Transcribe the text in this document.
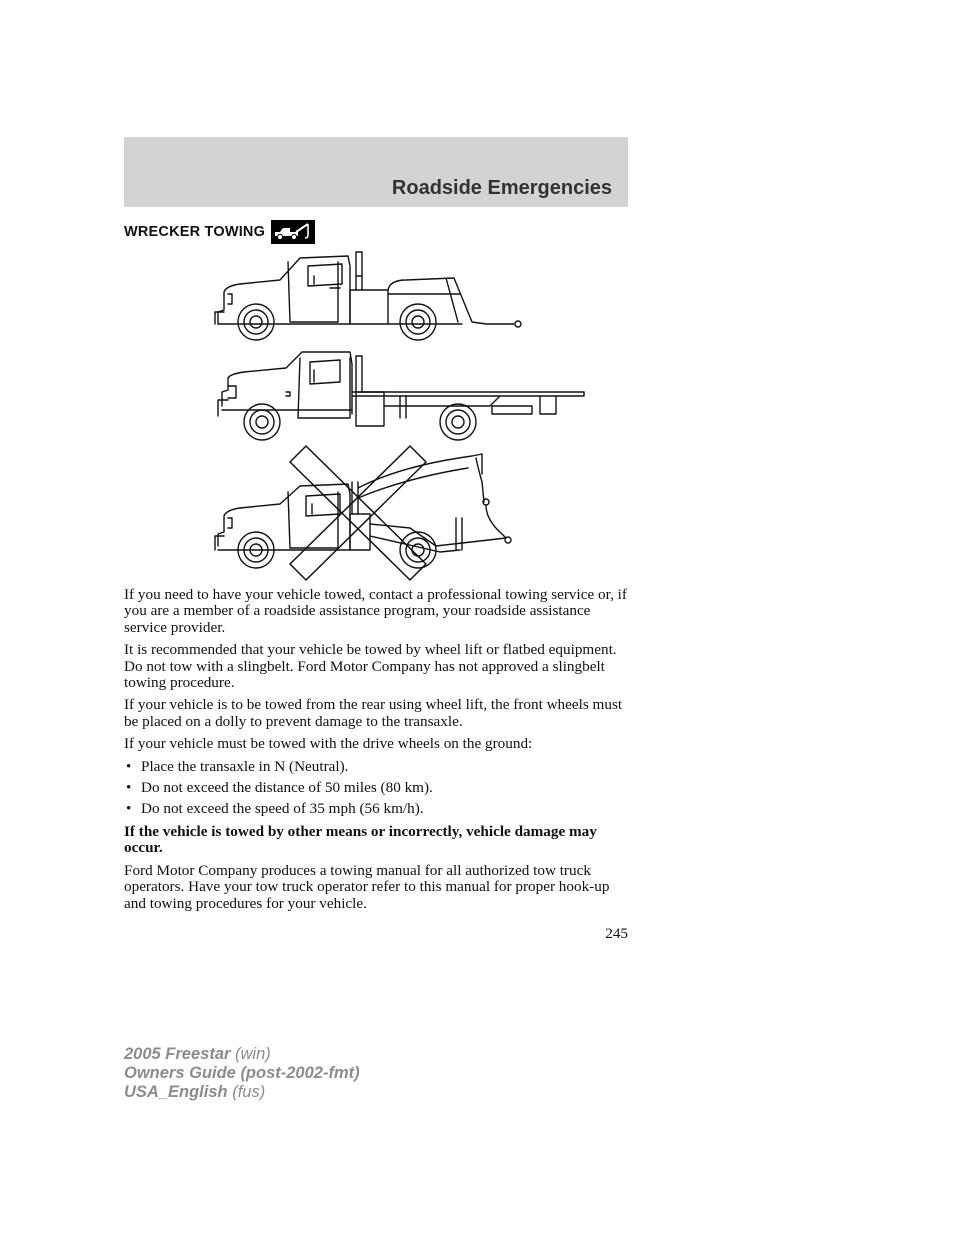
Roadside Emergencies
WRECKER TOWING

If you need to have your vehicle towed, contact a professional towing service or, if you are a member of a roadside assistance program, your roadside assistance service provider.

It is recommended that your vehicle be towed by wheel lift or flatbed equipment. Do not tow with a slingbelt. Ford Motor Company has not approved a slingbelt towing procedure.

If your vehicle is to be towed from the rear using wheel lift, the front wheels must be placed on a dolly to prevent damage to the transaxle.

If your vehicle must be towed with the drive wheels on the ground:

• Place the transaxle in N (Neutral).
• Do not exceed the distance of 50 miles (80 km).
• Do not exceed the speed of 35 mph (56 km/h).

If the vehicle is towed by other means or incorrectly, vehicle damage may occur.

Ford Motor Company produces a towing manual for all authorized tow truck operators. Have your tow truck operator refer to this manual for proper hook-up and towing procedures for your vehicle.

245
2005 Freestar (win)
Owners Guide (post-2002-fmt)
USA_English (fus)
